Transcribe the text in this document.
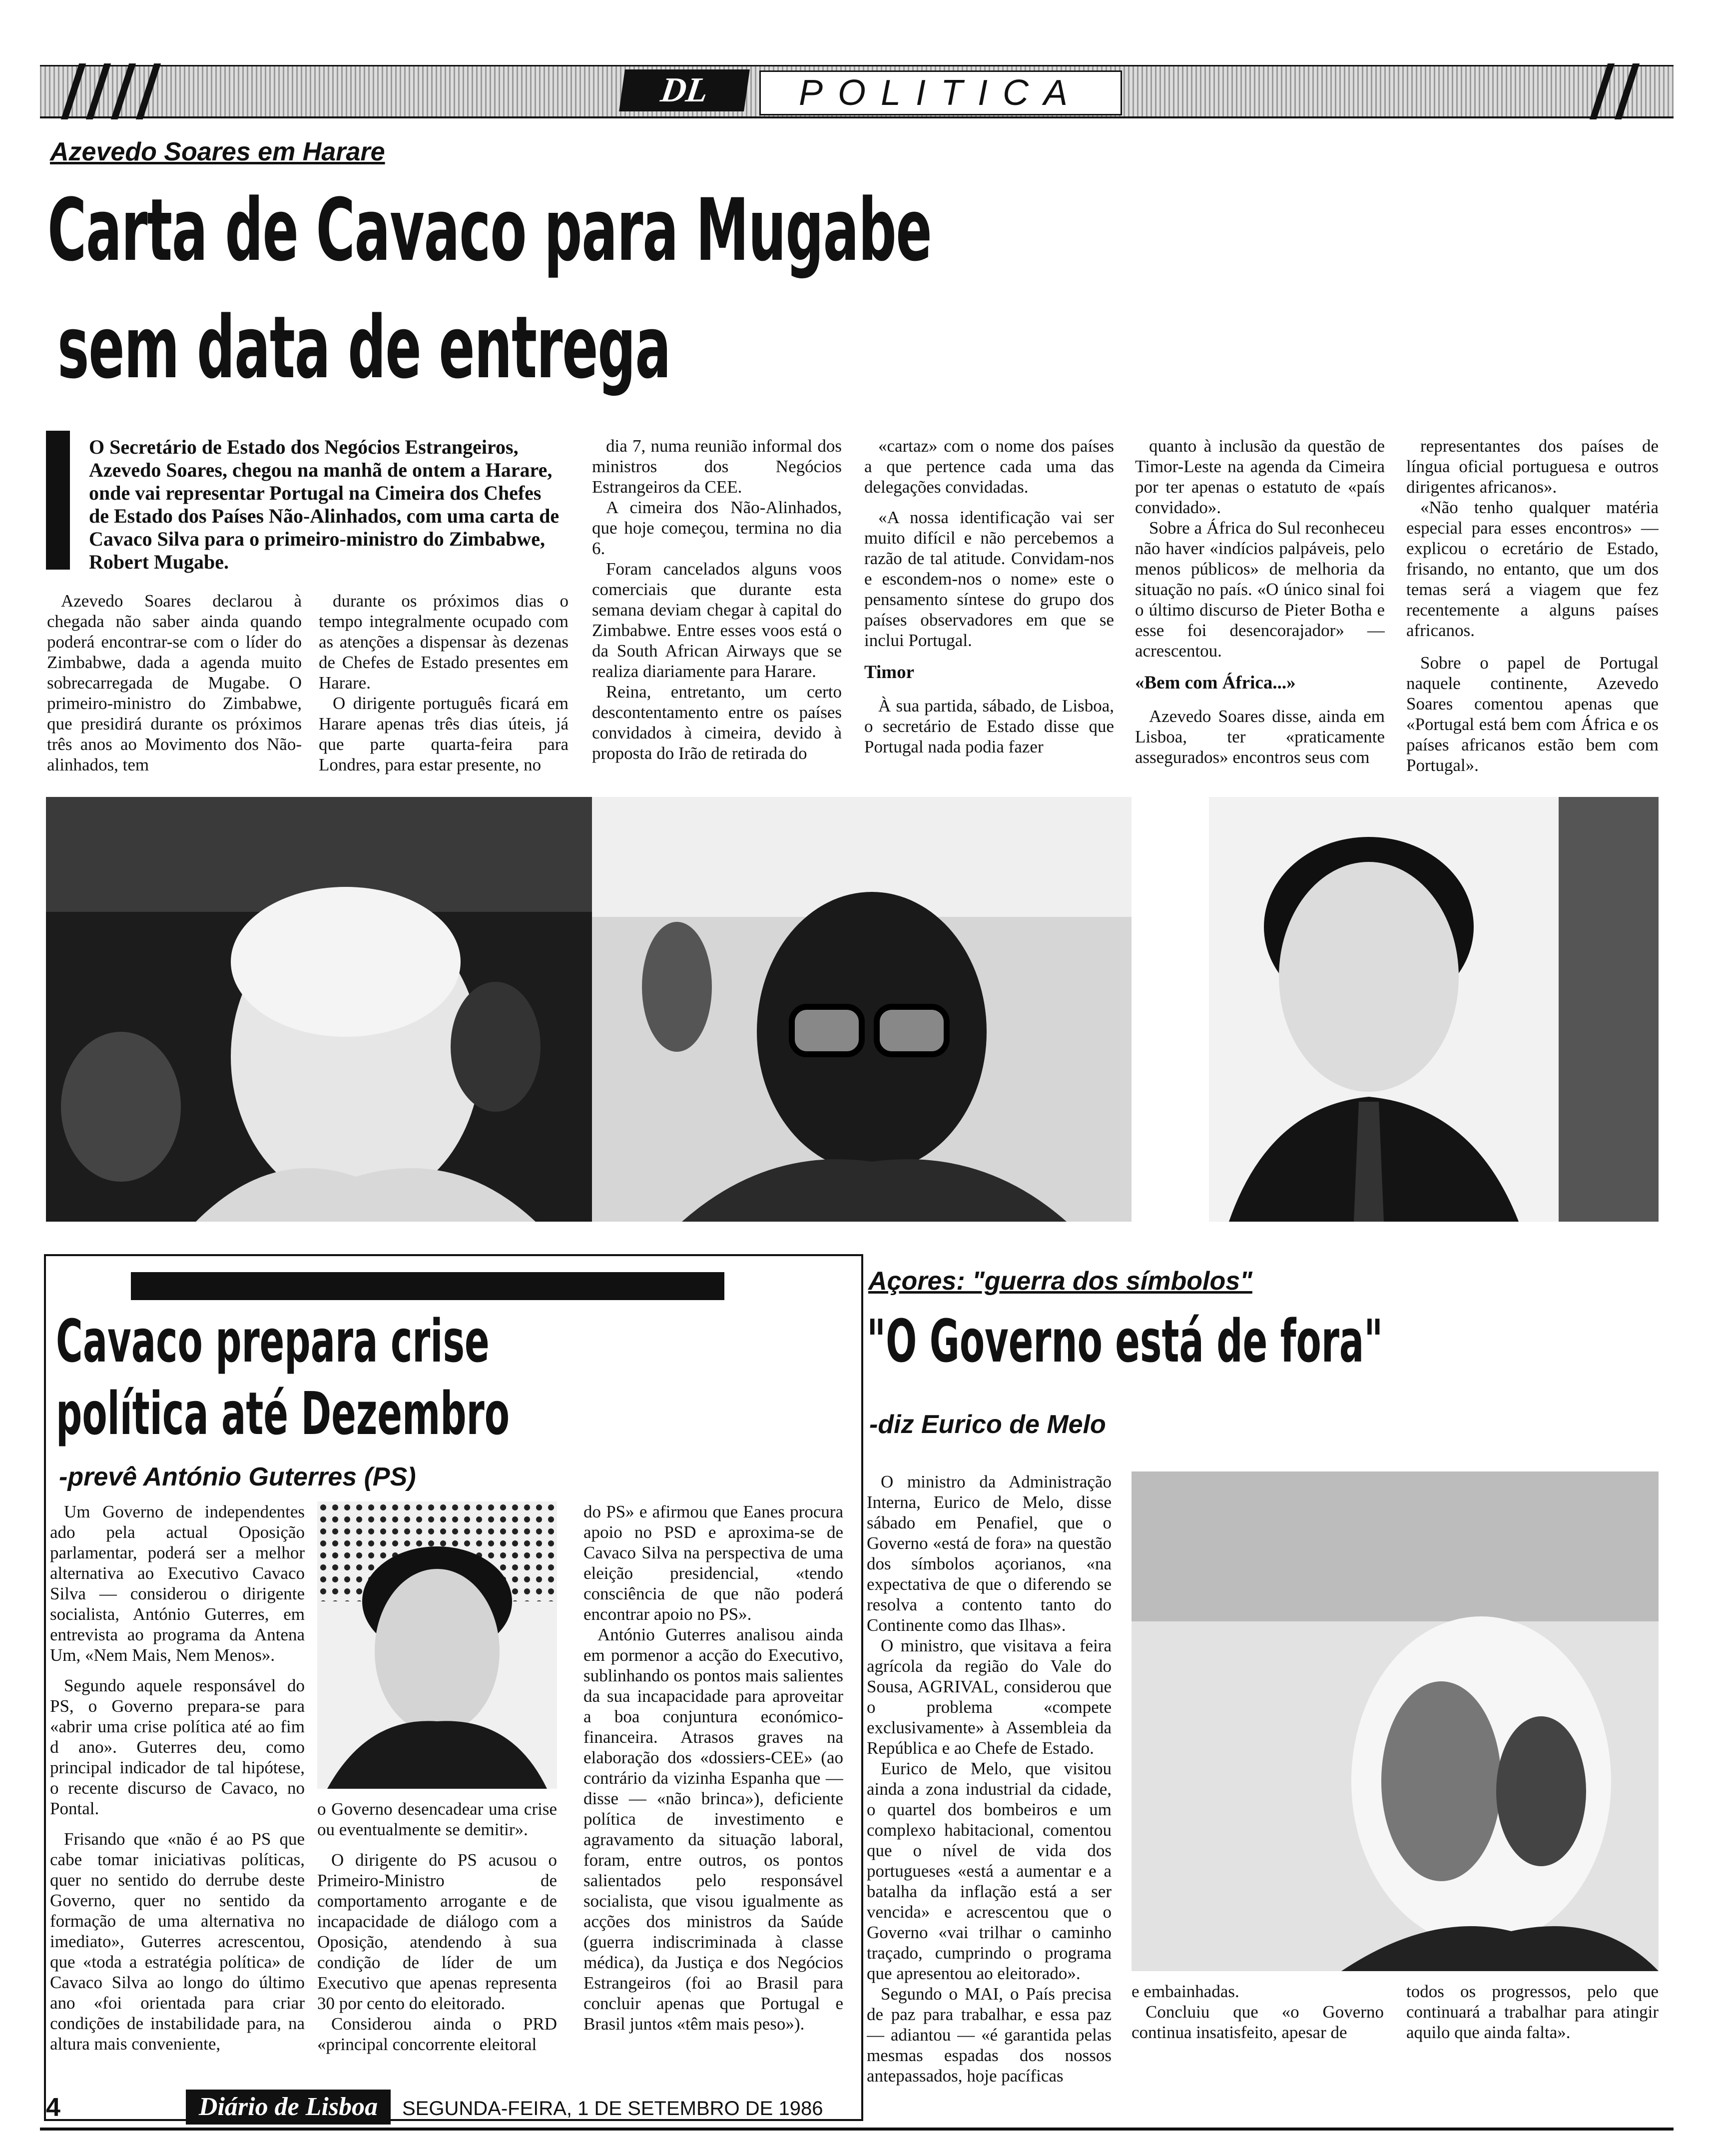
DL	POLITICA
Azevedo Soares em Harare
Carta de Cavaco para Mugabe
sem data de entrega
O Secretário de Estado dos Negócios Estrangeiros, Azevedo Soares, chegou na manhã de ontem a Harare, onde vai representar Portugal na Cimeira dos Chefes de Estado dos Países Não-Alinhados, com uma carta de Cavaco Silva para o primeiro-ministro do Zimbabwe, Robert Mugabe.

Azevedo Soares declarou à chegada não saber ainda quando poderá encontrar-se com o líder do Zimbabwe, dada a agenda muito sobrecarregada de Mugabe. O primeiro-ministro do Zimbabwe, que presidirá durante os próximos três anos ao Movimento dos Não-alinhados, tem

durante os próximos dias o tempo integralmente ocupado com as atenções a dispensar às dezenas de Chefes de Estado presentes em Harare.

O dirigente português ficará em Harare apenas três dias úteis, já que parte quarta-feira para Londres, para estar presente, no

dia 7, numa reunião informal dos ministros dos Negócios Estrangeiros da CEE.

A cimeira dos Não-Alinhados, que hoje começou, termina no dia 6.

Foram cancelados alguns voos comerciais que durante esta semana deviam chegar à capital do Zimbabwe. Entre esses voos está o da South African Airways que se realiza diariamente para Harare.

Reina, entretanto, um certo descontentamento entre os países convidados à cimeira, devido à proposta do Irão de retirada do

«cartaz» com o nome dos países a que pertence cada uma das delegações convidadas.

«A nossa identificação vai ser muito difícil e não percebemos a razão de tal atitude. Convidam-nos e escondem-nos o nome» este o pensamento síntese do grupo dos países observadores em que se inclui Portugal.

Timor

À sua partida, sábado, de Lisboa, o secretário de Estado disse que Portugal nada podia fazer

quanto à inclusão da questão de Timor-Leste na agenda da Cimeira por ter apenas o estatuto de «país convidado».

Sobre a África do Sul reconheceu não haver «indícios palpáveis, pelo menos públicos» de melhoria da situação no país. «O único sinal foi o último discurso de Pieter Botha e esse foi desencorajador» — acrescentou.

«Bem com África...»

Azevedo Soares disse, ainda em Lisboa, ter «praticamente assegurados» encontros seus com

representantes dos países de língua oficial portuguesa e outros dirigentes africanos».

«Não tenho qualquer matéria especial para esses encontros» — explicou o ecretário de Estado, frisando, no entanto, que um dos temas será a viagem que fez recentemente a alguns países africanos.

Sobre o papel de Portugal naquele continente, Azevedo Soares comentou apenas que «Portugal está bem com África e os países africanos estão bem com Portugal».

Cavaco prepara crise
política até Dezembro
-prevê António Guterres (PS)

Um Governo de independentes ado pela actual Oposição parlamentar, poderá ser a melhor alternativa ao Executivo Cavaco Silva — considerou o dirigente socialista, António Guterres, em entrevista ao programa da Antena Um, «Nem Mais, Nem Menos».

Segundo aquele responsável do PS, o Governo prepara-se para «abrir uma crise política até ao fim d ano». Guterres deu, como principal indicador de tal hipótese, o recente discurso de Cavaco, no Pontal.

Frisando que «não é ao PS que cabe tomar iniciativas políticas, quer no sentido do derrube deste Governo, quer no sentido da formação de uma alternativa no imediato», Guterres acrescentou, que «toda a estratégia política» de Cavaco Silva ao longo do último ano «foi orientada para criar condições de instabilidade para, na altura mais conveniente,

o Governo desencadear uma crise ou eventualmente se demitir».

O dirigente do PS acusou o Primeiro-Ministro de comportamento arrogante e de incapacidade de diálogo com a Oposição, atendendo à sua condição de líder de um Executivo que apenas representa 30 por cento do eleitorado.

Considerou ainda o PRD «principal concorrente eleitoral

do PS» e afirmou que Eanes procura apoio no PSD e aproxima-se de Cavaco Silva na perspectiva de uma eleição presidencial, «tendo consciência de que não poderá encontrar apoio no PS».

António Guterres analisou ainda em pormenor a acção do Executivo, sublinhando os pontos mais salientes da sua incapacidade para aproveitar a boa conjuntura económico-financeira. Atrasos graves na elaboração dos «dossiers-CEE» (ao contrário da vizinha Espanha que — disse — «não brinca»), deficiente política de investimento e agravamento da situação laboral, foram, entre outros, os pontos salientados pelo responsável socialista, que visou igualmente as acções dos ministros da Saúde (guerra indiscriminada à classe médica), da Justiça e dos Negócios Estrangeiros (foi ao Brasil para concluir apenas que Portugal e Brasil juntos «têm mais peso»).

Açores: "guerra dos símbolos"
"O Governo está de fora"
-diz Eurico de Melo

O ministro da Administração Interna, Eurico de Melo, disse sábado em Penafiel, que o Governo «está de fora» na questão dos símbolos açorianos, «na expectativa de que o diferendo se resolva a contento tanto do Continente como das Ilhas».

O ministro, que visitava a feira agrícola da região do Vale do Sousa, AGRIVAL, considerou que o problema «compete exclusivamente» à Assembleia da República e ao Chefe de Estado.

Eurico de Melo, que visitou ainda a zona industrial da cidade, o quartel dos bombeiros e um complexo habitacional, comentou que o nível de vida dos portugueses «está a aumentar e a batalha da inflação está a ser vencida» e acrescentou que o Governo «vai trilhar o caminho traçado, cumprindo o programa que apresentou ao eleitorado».

Segundo o MAI, o País precisa de paz para trabalhar, e essa paz — adiantou — «é garantida pelas mesmas espadas dos nossos antepassados, hoje pacíficas

e embainhadas.

Concluiu que «o Governo continua insatisfeito, apesar de

todos os progressos, pelo que continuará a trabalhar para atingir aquilo que ainda falta».

4	Diário de Lisboa	SEGUNDA-FEIRA, 1 DE SETEMBRO DE 1986
